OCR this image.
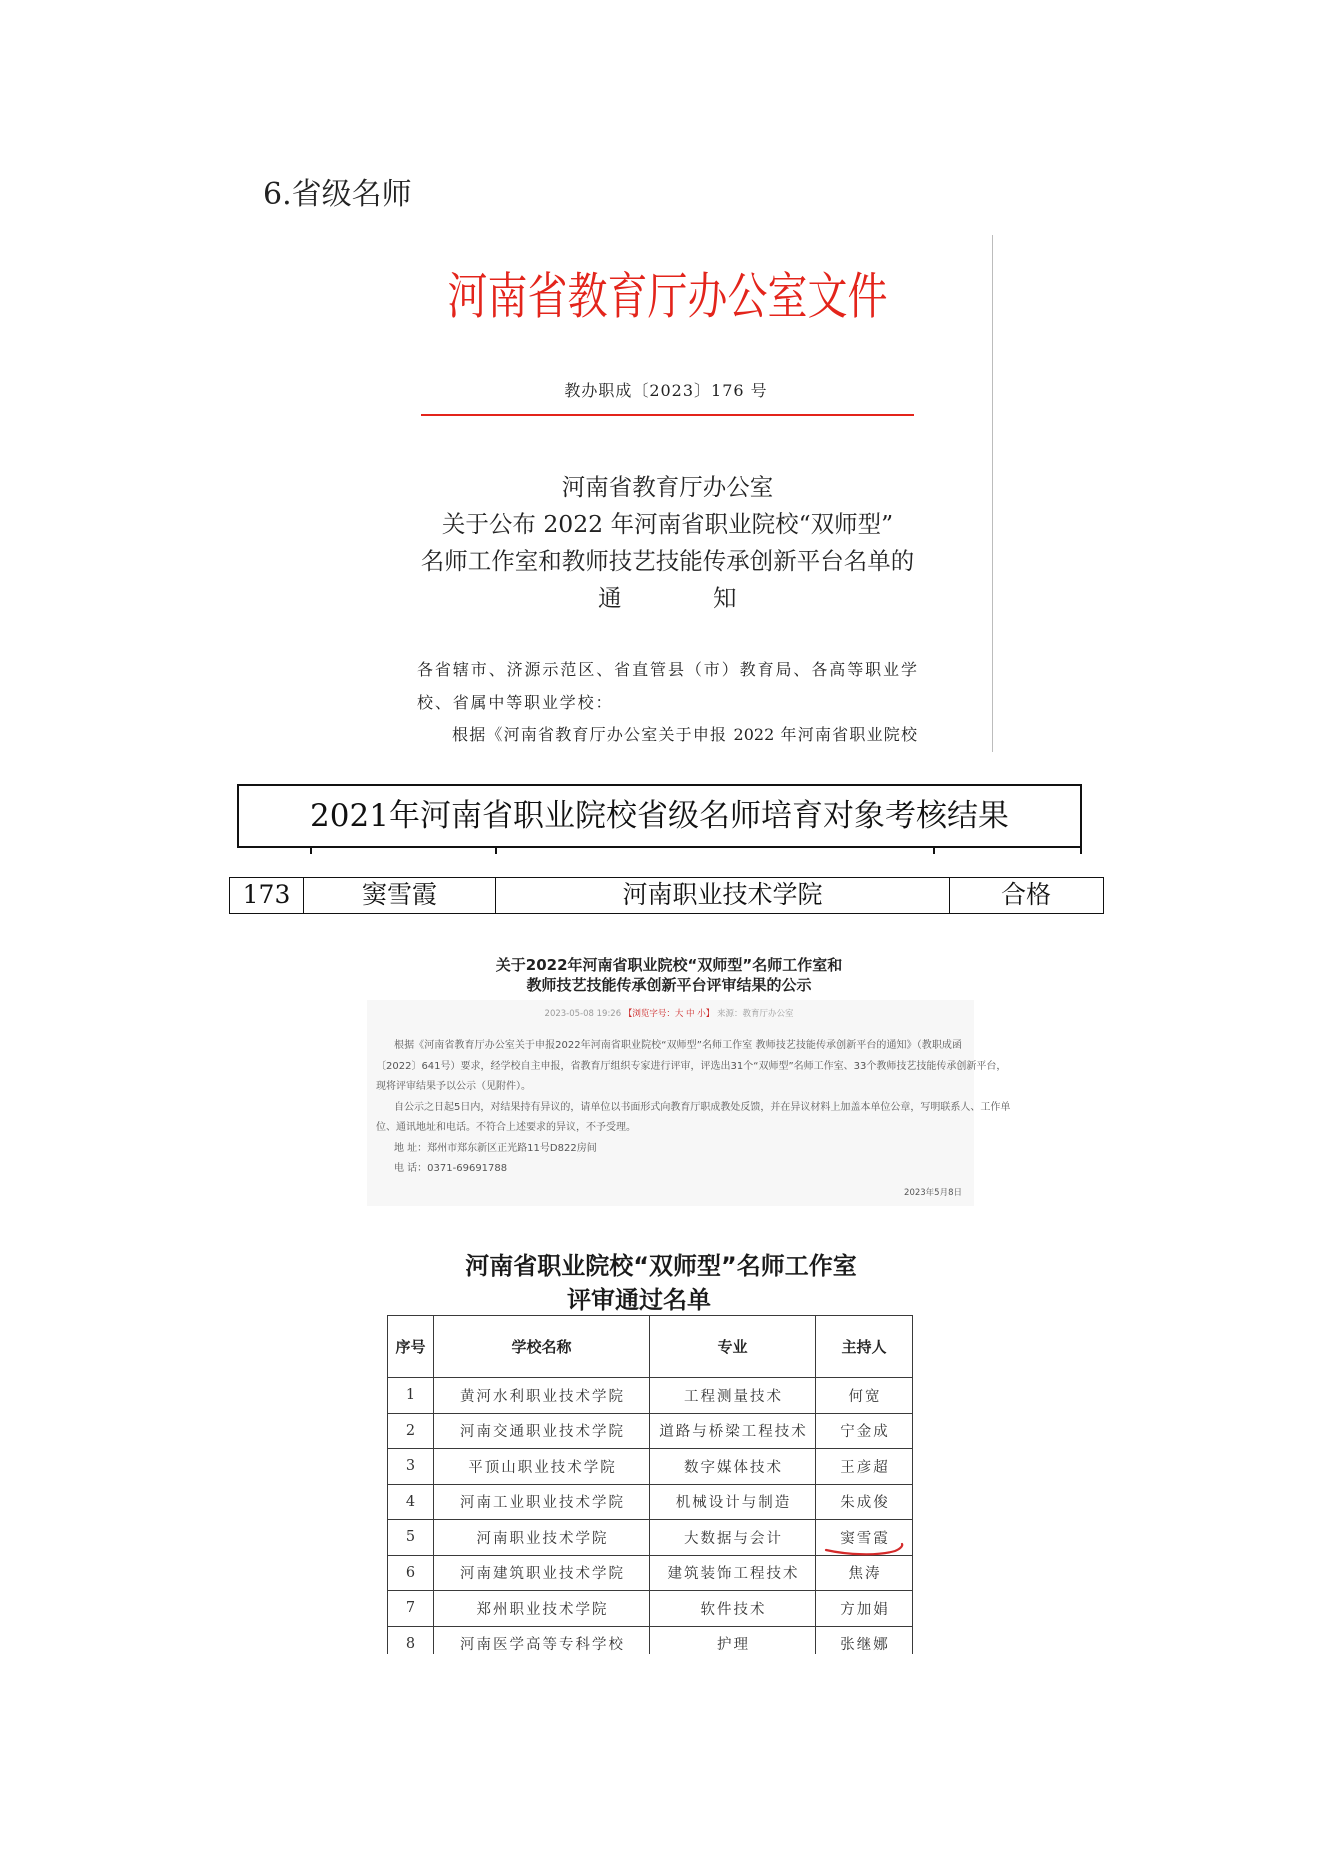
6.省级名师
河南省教育厅办公室文件
教办职成〔2023〕176 号
河南省教育厅办公室
关于公布 2022 年河南省职业院校“双师型”
名师工作室和教师技艺技能传承创新平台名单的
通	知
各省辖市、济源示范区、省直管县（市）教育局、各高等职业学
校、省属中等职业学校：
根据《河南省教育厅办公室关于申报 2022 年河南省职业院校
2021年河南省职业院校省级名师培育对象考核结果
173	窦雪霞	河南职业技术学院	合格
关于2022年河南省职业院校“双师型”名师工作室和
教师技艺技能传承创新平台评审结果的公示
2023-05-08 19:26 【浏览字号：大 中 小】 来源：教育厅办公室
根据《河南省教育厅办公室关于申报2022年河南省职业院校“双师型”名师工作室 教师技艺技能传承创新平台的通知》（教职成函
〔2022〕641号）要求，经学校自主申报，省教育厅组织专家进行评审，评选出31个“双师型”名师工作室、33个教师技艺技能传承创新平台，
现将评审结果予以公示（见附件）。
自公示之日起5日内，对结果持有异议的，请单位以书面形式向教育厅职成教处反馈，并在异议材料上加盖本单位公章，写明联系人、工作单
位、通讯地址和电话。不符合上述要求的异议，不予受理。
地 址：郑州市郑东新区正光路11号D822房间
电 话：0371-69691788
2023年5月8日
河南省职业院校“双师型”名师工作室
评审通过名单
序号	学校名称	专业	主持人
1	黄河水利职业技术学院	工程测量技术	何宽
2	河南交通职业技术学院	道路与桥梁工程技术	宁金成
3	平顶山职业技术学院	数字媒体技术	王彦超
4	河南工业职业技术学院	机械设计与制造	朱成俊
5	河南职业技术学院	大数据与会计	窦雪霞
6	河南建筑职业技术学院	建筑装饰工程技术	焦涛
7	郑州职业技术学院	软件技术	方加娟
8	河南医学高等专科学校	护理	张继娜
